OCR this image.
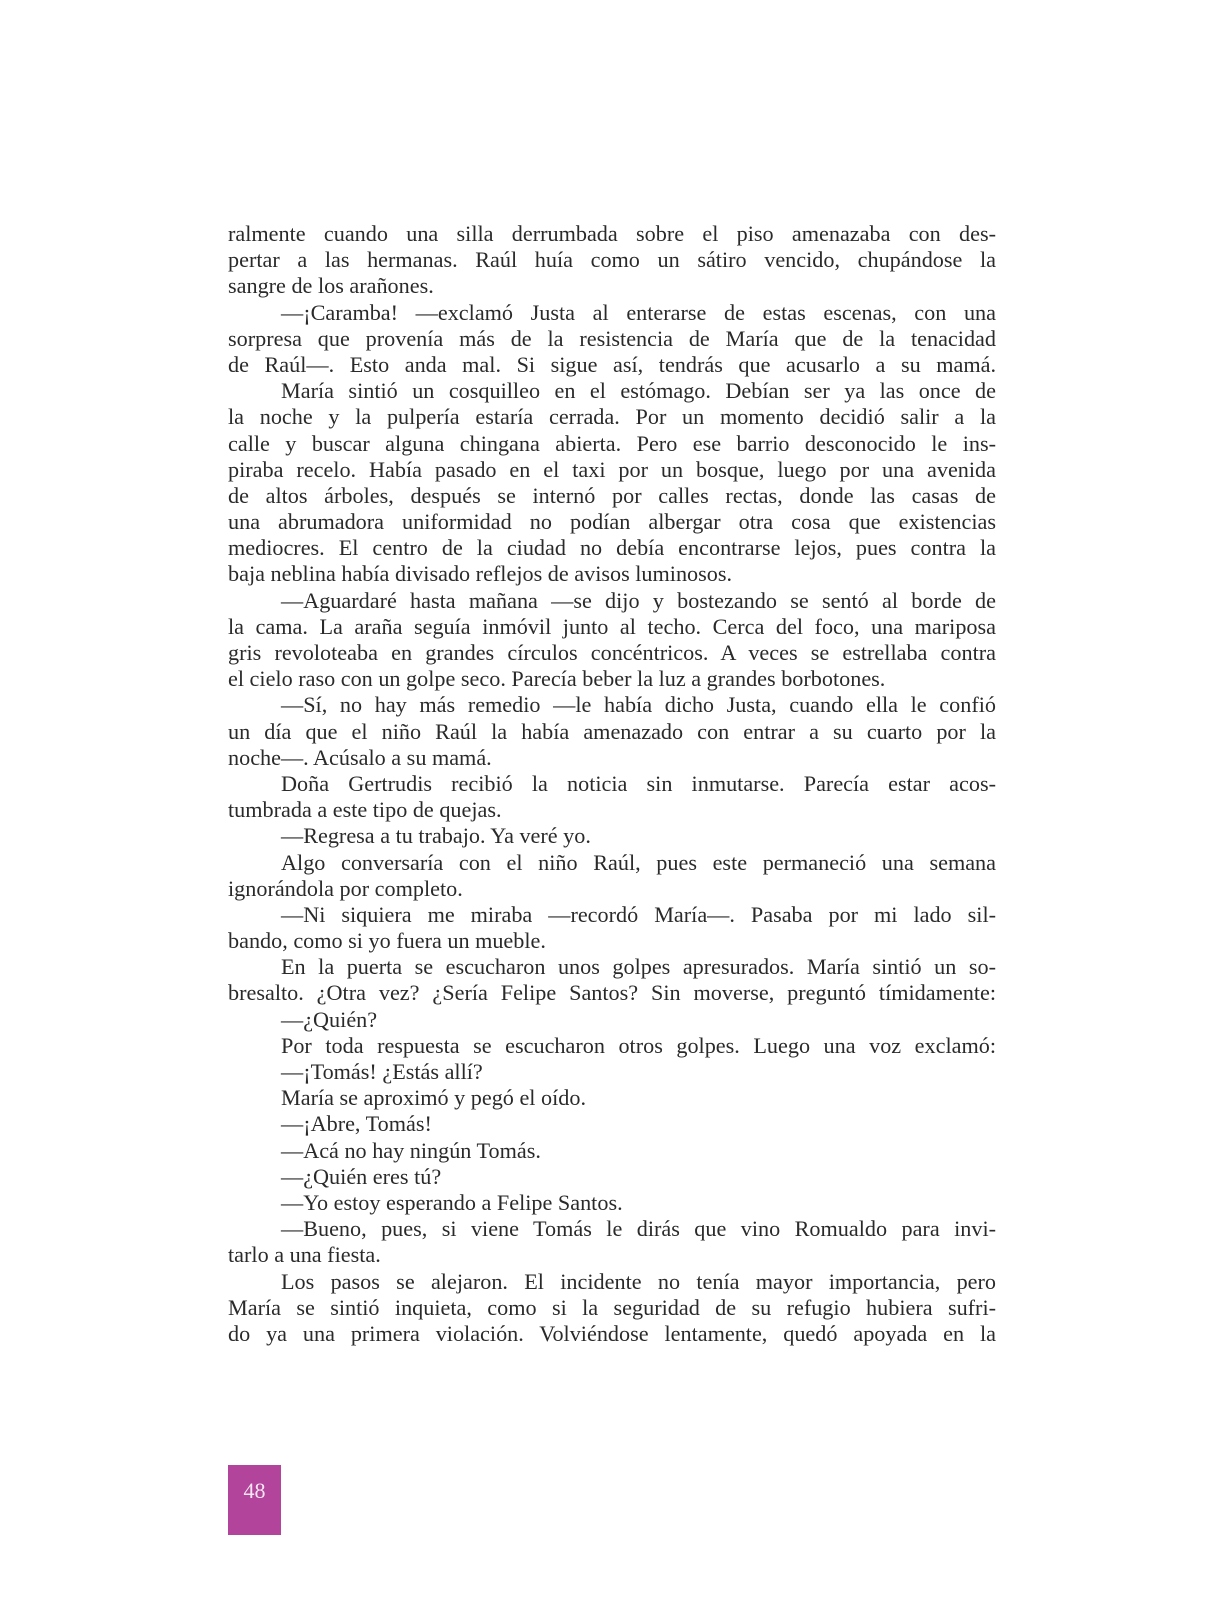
ralmente cuando una silla derrumbada sobre el piso amenazaba con des-
pertar a las hermanas. Raúl huía como un sátiro vencido, chupándose la
sangre de los arañones.
—¡Caramba! —exclamó Justa al enterarse de estas escenas, con una
sorpresa que provenía más de la resistencia de María que de la tenacidad
de Raúl—. Esto anda mal. Si sigue así, tendrás que acusarlo a su mamá.
María sintió un cosquilleo en el estómago. Debían ser ya las once de
la noche y la pulpería estaría cerrada. Por un momento decidió salir a la
calle y buscar alguna chingana abierta. Pero ese barrio desconocido le ins-
piraba recelo. Había pasado en el taxi por un bosque, luego por una avenida
de altos árboles, después se internó por calles rectas, donde las casas de
una abrumadora uniformidad no podían albergar otra cosa que existencias
mediocres. El centro de la ciudad no debía encontrarse lejos, pues contra la
baja neblina había divisado reflejos de avisos luminosos.
—Aguardaré hasta mañana —se dijo y bostezando se sentó al borde de
la cama. La araña seguía inmóvil junto al techo. Cerca del foco, una mariposa
gris revoloteaba en grandes círculos concéntricos. A veces se estrellaba contra
el cielo raso con un golpe seco. Parecía beber la luz a grandes borbotones.
—Sí, no hay más remedio —le había dicho Justa, cuando ella le confió
un día que el niño Raúl la había amenazado con entrar a su cuarto por la
noche—. Acúsalo a su mamá.
Doña Gertrudis recibió la noticia sin inmutarse. Parecía estar acos-
tumbrada a este tipo de quejas.
—Regresa a tu trabajo. Ya veré yo.
Algo conversaría con el niño Raúl, pues este permaneció una semana
ignorándola por completo.
—Ni siquiera me miraba —recordó María—. Pasaba por mi lado sil-
bando, como si yo fuera un mueble.
En la puerta se escucharon unos golpes apresurados. María sintió un so-
bresalto. ¿Otra vez? ¿Sería Felipe Santos? Sin moverse, preguntó tímidamente:
—¿Quién?
Por toda respuesta se escucharon otros golpes. Luego una voz exclamó:
—¡Tomás! ¿Estás allí?
María se aproximó y pegó el oído.
—¡Abre, Tomás!
—Acá no hay ningún Tomás.
—¿Quién eres tú?
—Yo estoy esperando a Felipe Santos.
—Bueno, pues, si viene Tomás le dirás que vino Romualdo para invi-
tarlo a una fiesta.
Los pasos se alejaron. El incidente no tenía mayor importancia, pero
María se sintió inquieta, como si la seguridad de su refugio hubiera sufri-
do ya una primera violación. Volviéndose lentamente, quedó apoyada en la
48
